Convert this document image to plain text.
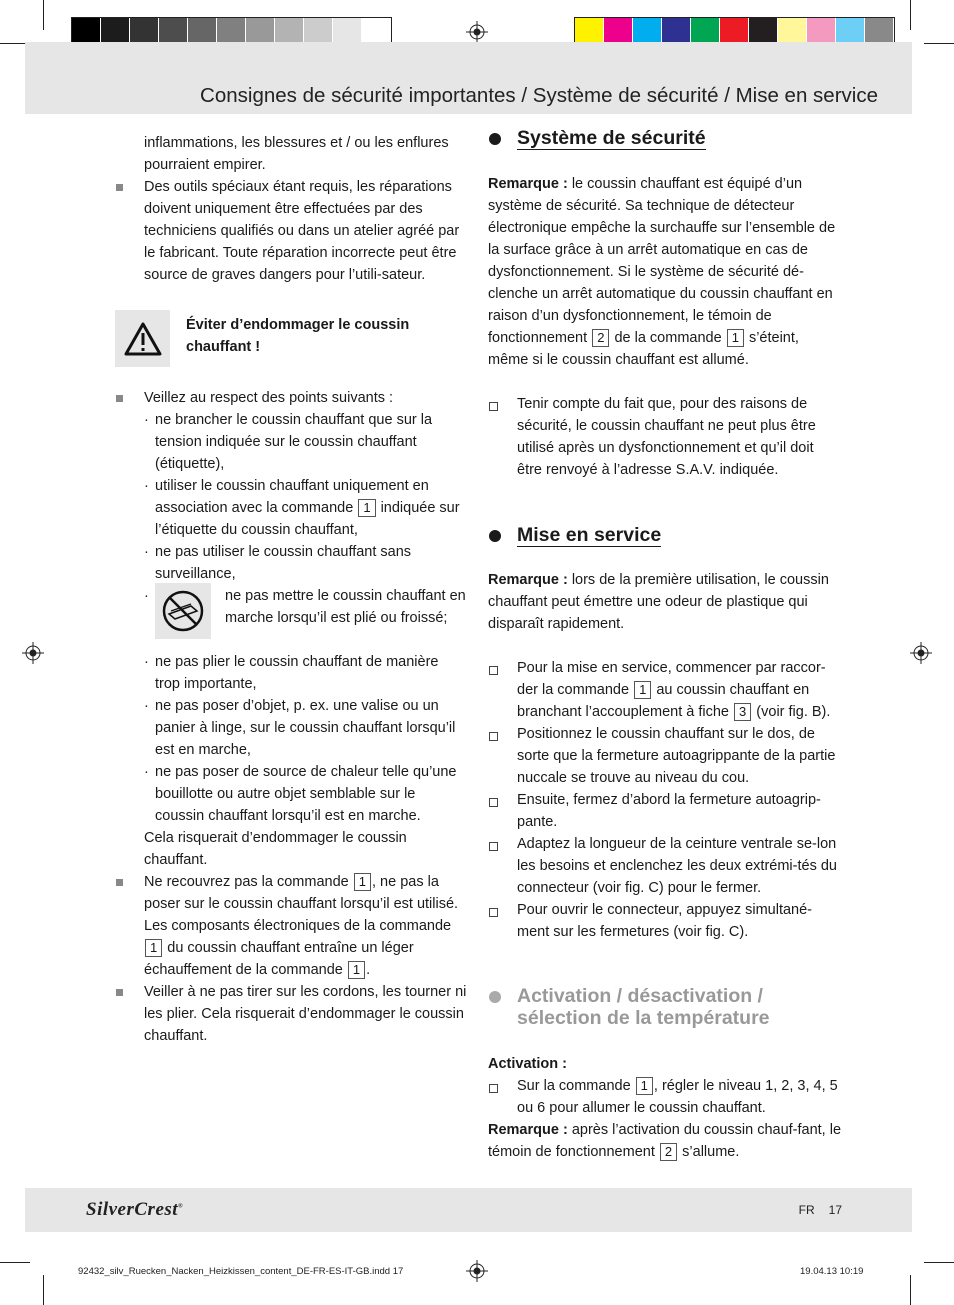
Consignes de sécurité importantes / Système de sécurité / Mise en service

inflammations, les blessures et / ou les enflures pourraient empirer.

Des outils spéciaux étant requis, les réparations doivent uniquement être effectuées par des techniciens qualifiés ou dans un atelier agréé par le fabricant. Toute réparation incorrecte peut être source de graves dangers pour l’utili-sateur.

Éviter d’endommager le coussin chauffant !

Veillez au respect des points suivants :

· ne brancher le coussin chauffant que sur la tension indiquée sur le coussin chauffant (étiquette),

· utiliser le coussin chauffant uniquement en association avec la commande 1 indiquée sur l’étiquette du coussin chauffant,

· ne pas utiliser le coussin chauffant sans surveillance,

· ne pas mettre le coussin chauffant en marche lorsqu’il est plié ou froissé;

· ne pas plier le coussin chauffant de manière trop importante,

· ne pas poser d’objet, p. ex. une valise ou un panier à linge, sur le coussin chauffant lorsqu’il est en marche,

· ne pas poser de source de chaleur telle qu’une bouillotte ou autre objet semblable sur le coussin chauffant lorsqu’il est en marche.

Cela risquerait d’endommager le coussin chauffant.

Ne recouvrez pas la commande 1 , ne pas la poser sur le coussin chauffant lorsqu’il est utilisé. Les composants électroniques de la commande 1 du coussin chauffant entraîne un léger échauffement de la commande 1 .

Veiller à ne pas tirer sur les cordons, les tourner ni les plier. Cela risquerait d’endommager le coussin chauffant.

Système de sécurité

Remarque : le coussin chauffant est équipé d’un système de sécurité. Sa technique de détecteur électronique empêche la surchauffe sur l’ensemble de la surface grâce à un arrêt automatique en cas de dysfonctionnement. Si le système de sécurité dé-clenche un arrêt automatique du coussin chauffant en raison d’un dysfonctionnement, le témoin de fonctionnement 2 de la commande 1 s’éteint, même si le coussin chauffant est allumé.

Tenir compte du fait que, pour des raisons de sécurité, le coussin chauffant ne peut plus être utilisé après un dysfonctionnement et qu’il doit être renvoyé à l’adresse S.A.V. indiquée.

Mise en service

Remarque : lors de la première utilisation, le coussin chauffant peut émettre une odeur de plastique qui disparaît rapidement.

Pour la mise en service, commencer par raccor-der la commande 1 au coussin chauffant en branchant l’accouplement à fiche 3 (voir fig. B).

Positionnez le coussin chauffant sur le dos, de sorte que la fermeture autoagrippante de la partie nuccale se trouve au niveau du cou.

Ensuite, fermez d’abord la fermeture autoagrip-pante.

Adaptez la longueur de la ceinture ventrale se-lon les besoins et enclenchez les deux extrémi-tés du connecteur (voir fig. C) pour le fermer.

Pour ouvrir le connecteur, appuyez simultané-ment sur les fermetures (voir fig. C).

Activation / désactivation /
sélection de la température

Activation :

Sur la commande 1 , régler le niveau 1, 2, 3, 4, 5 ou 6 pour allumer le coussin chauffant.

Remarque : après l’activation du coussin chauf-fant, le témoin de fonctionnement 2 s’allume.

SilverCrest®	FR 17
92432_silv_Ruecken_Nacken_Heizkissen_content_DE-FR-ES-IT-GB.indd 17	19.04.13 10:19
